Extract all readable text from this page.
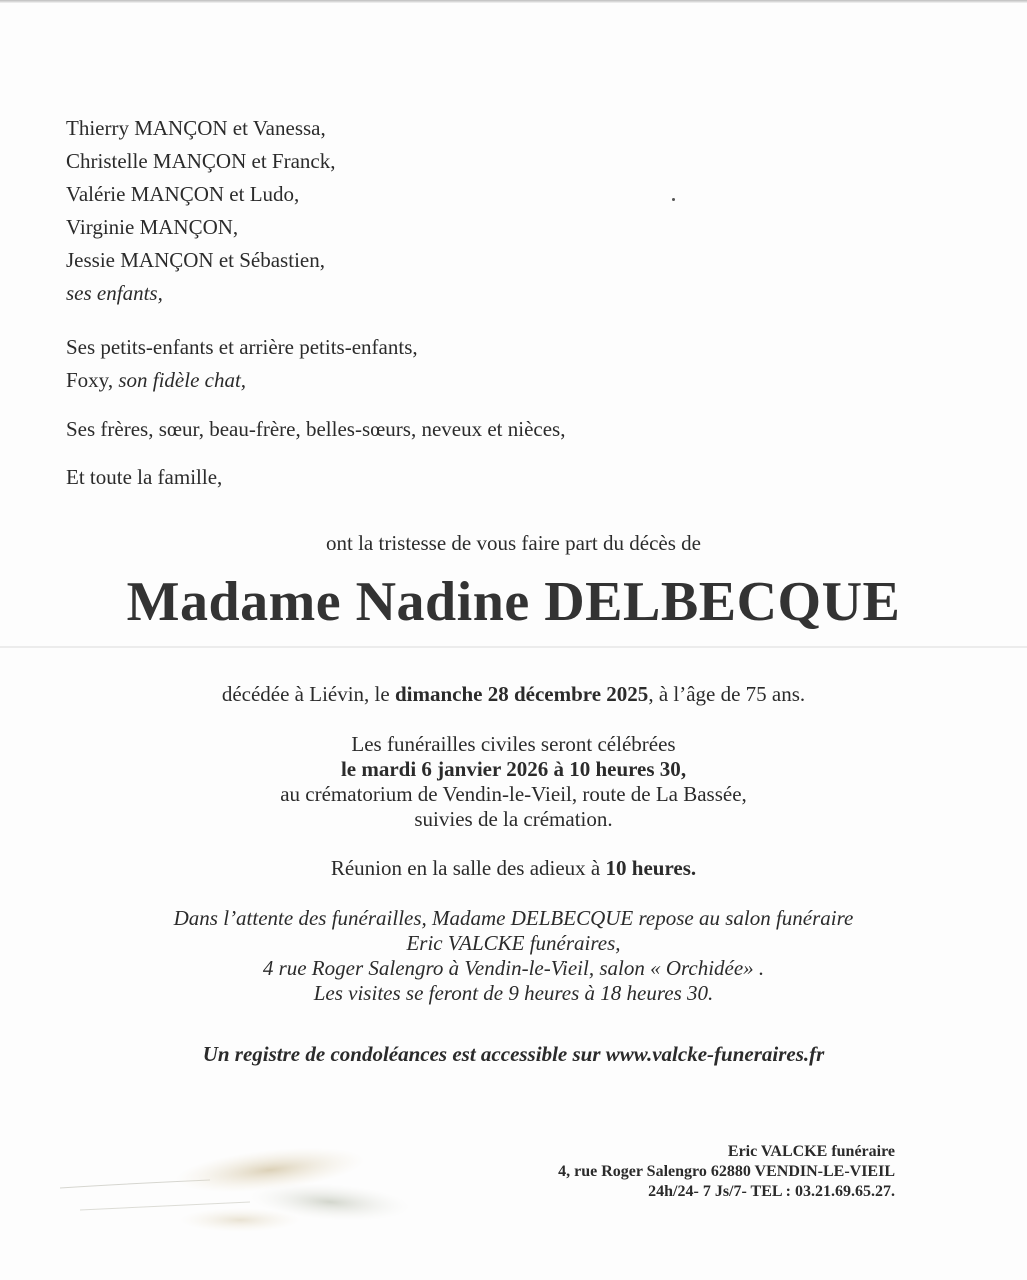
Thierry MANÇON et Vanessa,
Christelle MANÇON et Franck,
Valérie MANÇON et Ludo,
Virginie MANÇON,
Jessie MANÇON et Sébastien,
ses enfants,
Ses petits-enfants et arrière petits-enfants,
Foxy, son fidèle chat,
Ses frères, sœur, beau-frère, belles-sœurs, neveux et nièces,
Et toute la famille,
ont la tristesse de vous faire part du décès de
Madame Nadine DELBECQUE
décédée à Liévin, le dimanche 28 décembre 2025, à l’âge de 75 ans.
Les funérailles civiles seront célébrées
le mardi 6 janvier 2026 à 10 heures 30,
au crématorium de Vendin-le-Vieil, route de La Bassée,
suivies de la crémation.
Réunion en la salle des adieux à 10 heures.
Dans l’attente des funérailles, Madame DELBECQUE repose au salon funéraire
Eric VALCKE funéraires,
4 rue Roger Salengro à Vendin-le-Vieil, salon « Orchidée» .
Les visites se feront de 9 heures à 18 heures 30.
Un registre de condoléances est accessible sur www.valcke-funeraires.fr
Eric VALCKE funéraire
4, rue Roger Salengro 62880 VENDIN-LE-VIEIL
24h/24- 7 Js/7- TEL : 03.21.69.65.27.
